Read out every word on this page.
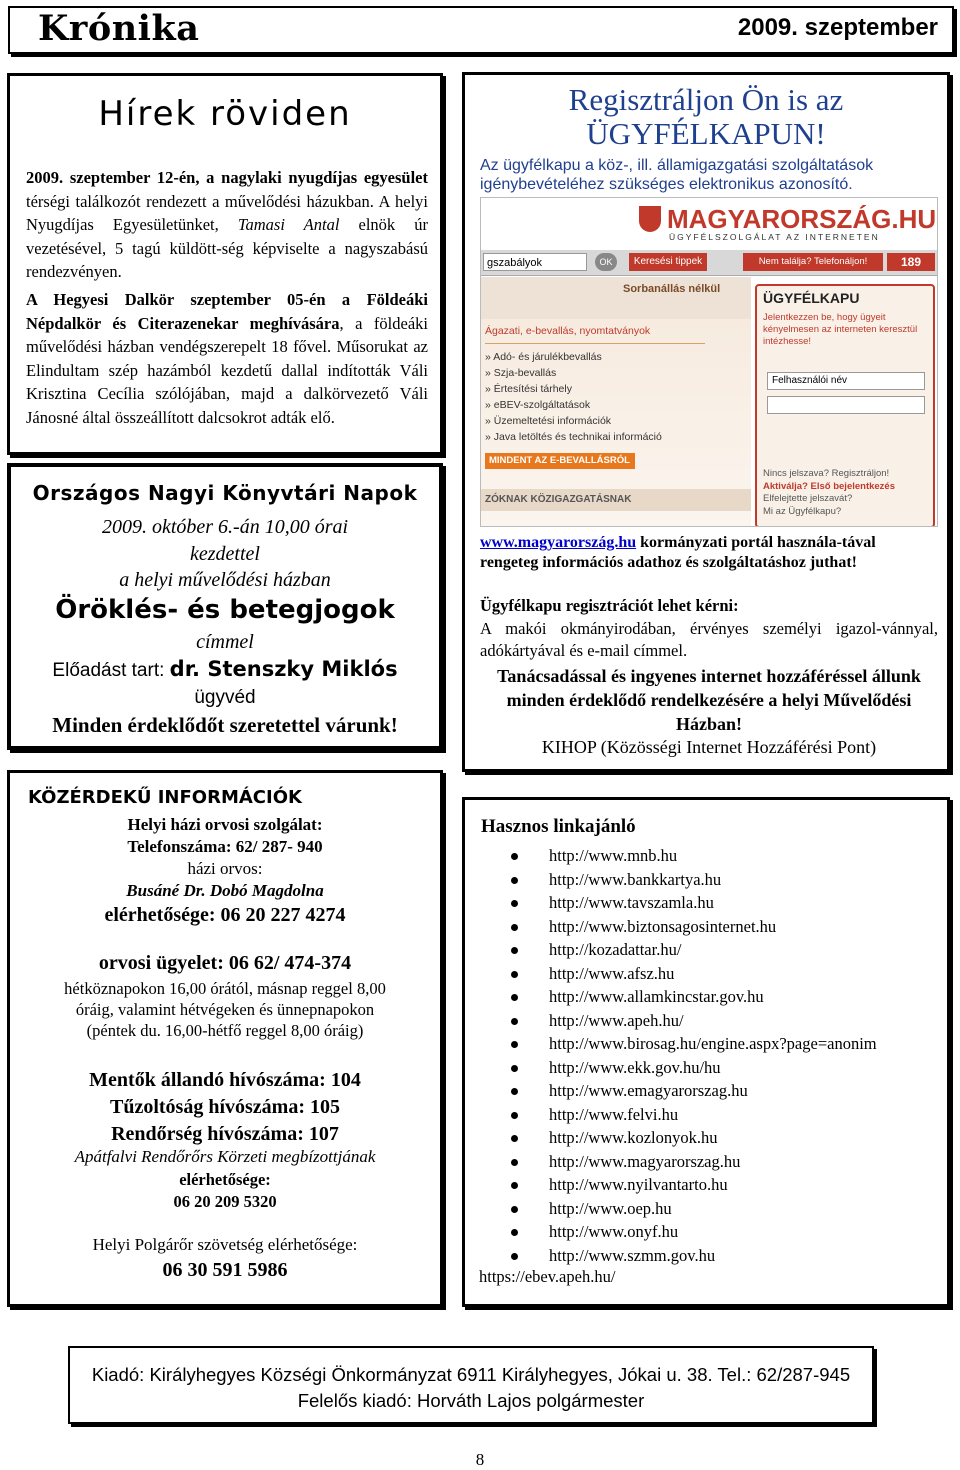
Krónika	2009. szeptember
Hírek röviden

2009. szeptember 12-én, a nagylaki nyugdíjas egyesület térségi találkozót rendezett a művelődési házukban. A helyi Nyugdíjas Egyesületünket, Tamasi Antal elnök úr vezetésével, 5 tagú küldött-ség képviselte a nagyszabású rendezvényen.

A Hegyesi Dalkör szeptember 05-én a Földeáki Népdalkör és Citerazenekar meghívására, a földeáki művelődési házban vendégszerepelt 18 fővel. Műsorukat az Elindultam szép hazámból kezdetű dallal indították Váli Krisztina Cecília szólójában, majd a dalkörvezető Váli Jánosné által összeállított dalcsokrot adták elő.

Országos Nagyi Könyvtári Napok
2009. október 6.-án 10,00 órai
kezdettel
a helyi művelődési házban
Öröklés- és betegjogok
címmel
Előadást tart: dr. Stenszky Miklós
ügyvéd
Minden érdeklődőt szeretettel várunk!
KÖZÉRDEKŰ INFORMÁCIÓK
Helyi házi orvosi szolgálat:
Telefonszáma: 62/ 287- 940
házi orvos:
Busáné Dr. Dobó Magdolna
elérhetősége: 06 20 227 4274
orvosi ügyelet: 06 62/ 474-374
hétköznapokon 16,00 órától, másnap reggel 8,00
óráig, valamint hétvégeken és ünnepnapokon
(péntek du. 16,00-hétfő reggel 8,00 óráig)
Mentők állandó hívószáma: 104
Tűzoltóság hívószáma: 105
Rendőrség hívószáma: 107
Apátfalvi Rendőrőrs Körzeti megbízottjának
elérhetősége:
06 20 209 5320
Helyi Polgárőr szövetség elérhetősége:
06 30 591 5986
Regisztráljon Ön is az
ÜGYFÉLKAPUN!

Az ügyfélkapu a köz-, ill. államigazgatási szolgáltatások igénybevételéhez szükséges elektronikus azonosító.

MAGYARORSZÁG.HU
ÜGYFÉLSZOLGÁLAT AZ INTERNETEN
gszabályok	OK	Keresési tippek	Nem találja? Telefonáljon!	189
Sorbanállás nélkül
Ágazati, e-bevallás, nyomtatványok
» Adó- és járulékbevallás
» Szja-bevallás
» Értesítési tárhely
» eBEV-szolgáltatások
» Üzemeltetési információk
» Java letöltés és technikai információ
MINDENT AZ E-BEVALLÁSRÓL
ZÓKNAK KÖZIGAZGATÁSNAK
ÜGYFÉLKAPU
Jelentkezzen be, hogy ügyeit kényelmesen az interneten keresztül intézhesse!
Felhasználói név
Nincs jelszava? Regisztráljon!
Aktiválja? Első bejelentkezés
Elfelejtette jelszavát?
Mi az Ügyfélkapu?

www.magyarország.hu kormányzati portál használa-tával rengeteg információs adathoz és szolgáltatáshoz juthat!

Ügyfélkapu regisztrációt lehet kérni:

A makói okmányirodában, érvényes személyi igazol-vánnyal, adókártyával és e-mail címmel.

Tanácsadással és ingyenes internet hozzáféréssel állunk minden érdeklődő rendelkezésére a helyi Művelődési Házban!

KIHOP (Közösségi Internet Hozzáférési Pont)

Hasznos linkajánló
http://www.mnb.hu
http://www.bankkartya.hu
http://www.tavszamla.hu
http://www.biztonsagosinternet.hu
http://kozadattar.hu/
http://www.afsz.hu
http://www.allamkincstar.gov.hu
http://www.apeh.hu/
http://www.birosag.hu/engine.aspx?page=anonim
http://www.ekk.gov.hu/hu
http://www.emagyarorszag.hu
http://www.felvi.hu
http://www.kozlonyok.hu
http://www.magyarorszag.hu
http://www.nyilvantarto.hu
http://www.oep.hu
http://www.onyf.hu
http://www.szmm.gov.hu
https://ebev.apeh.hu/
Kiadó: Királyhegyes Községi Önkormányzat 6911 Királyhegyes, Jókai u. 38. Tel.: 62/287-945
Felelős kiadó: Horváth Lajos polgármester
8
